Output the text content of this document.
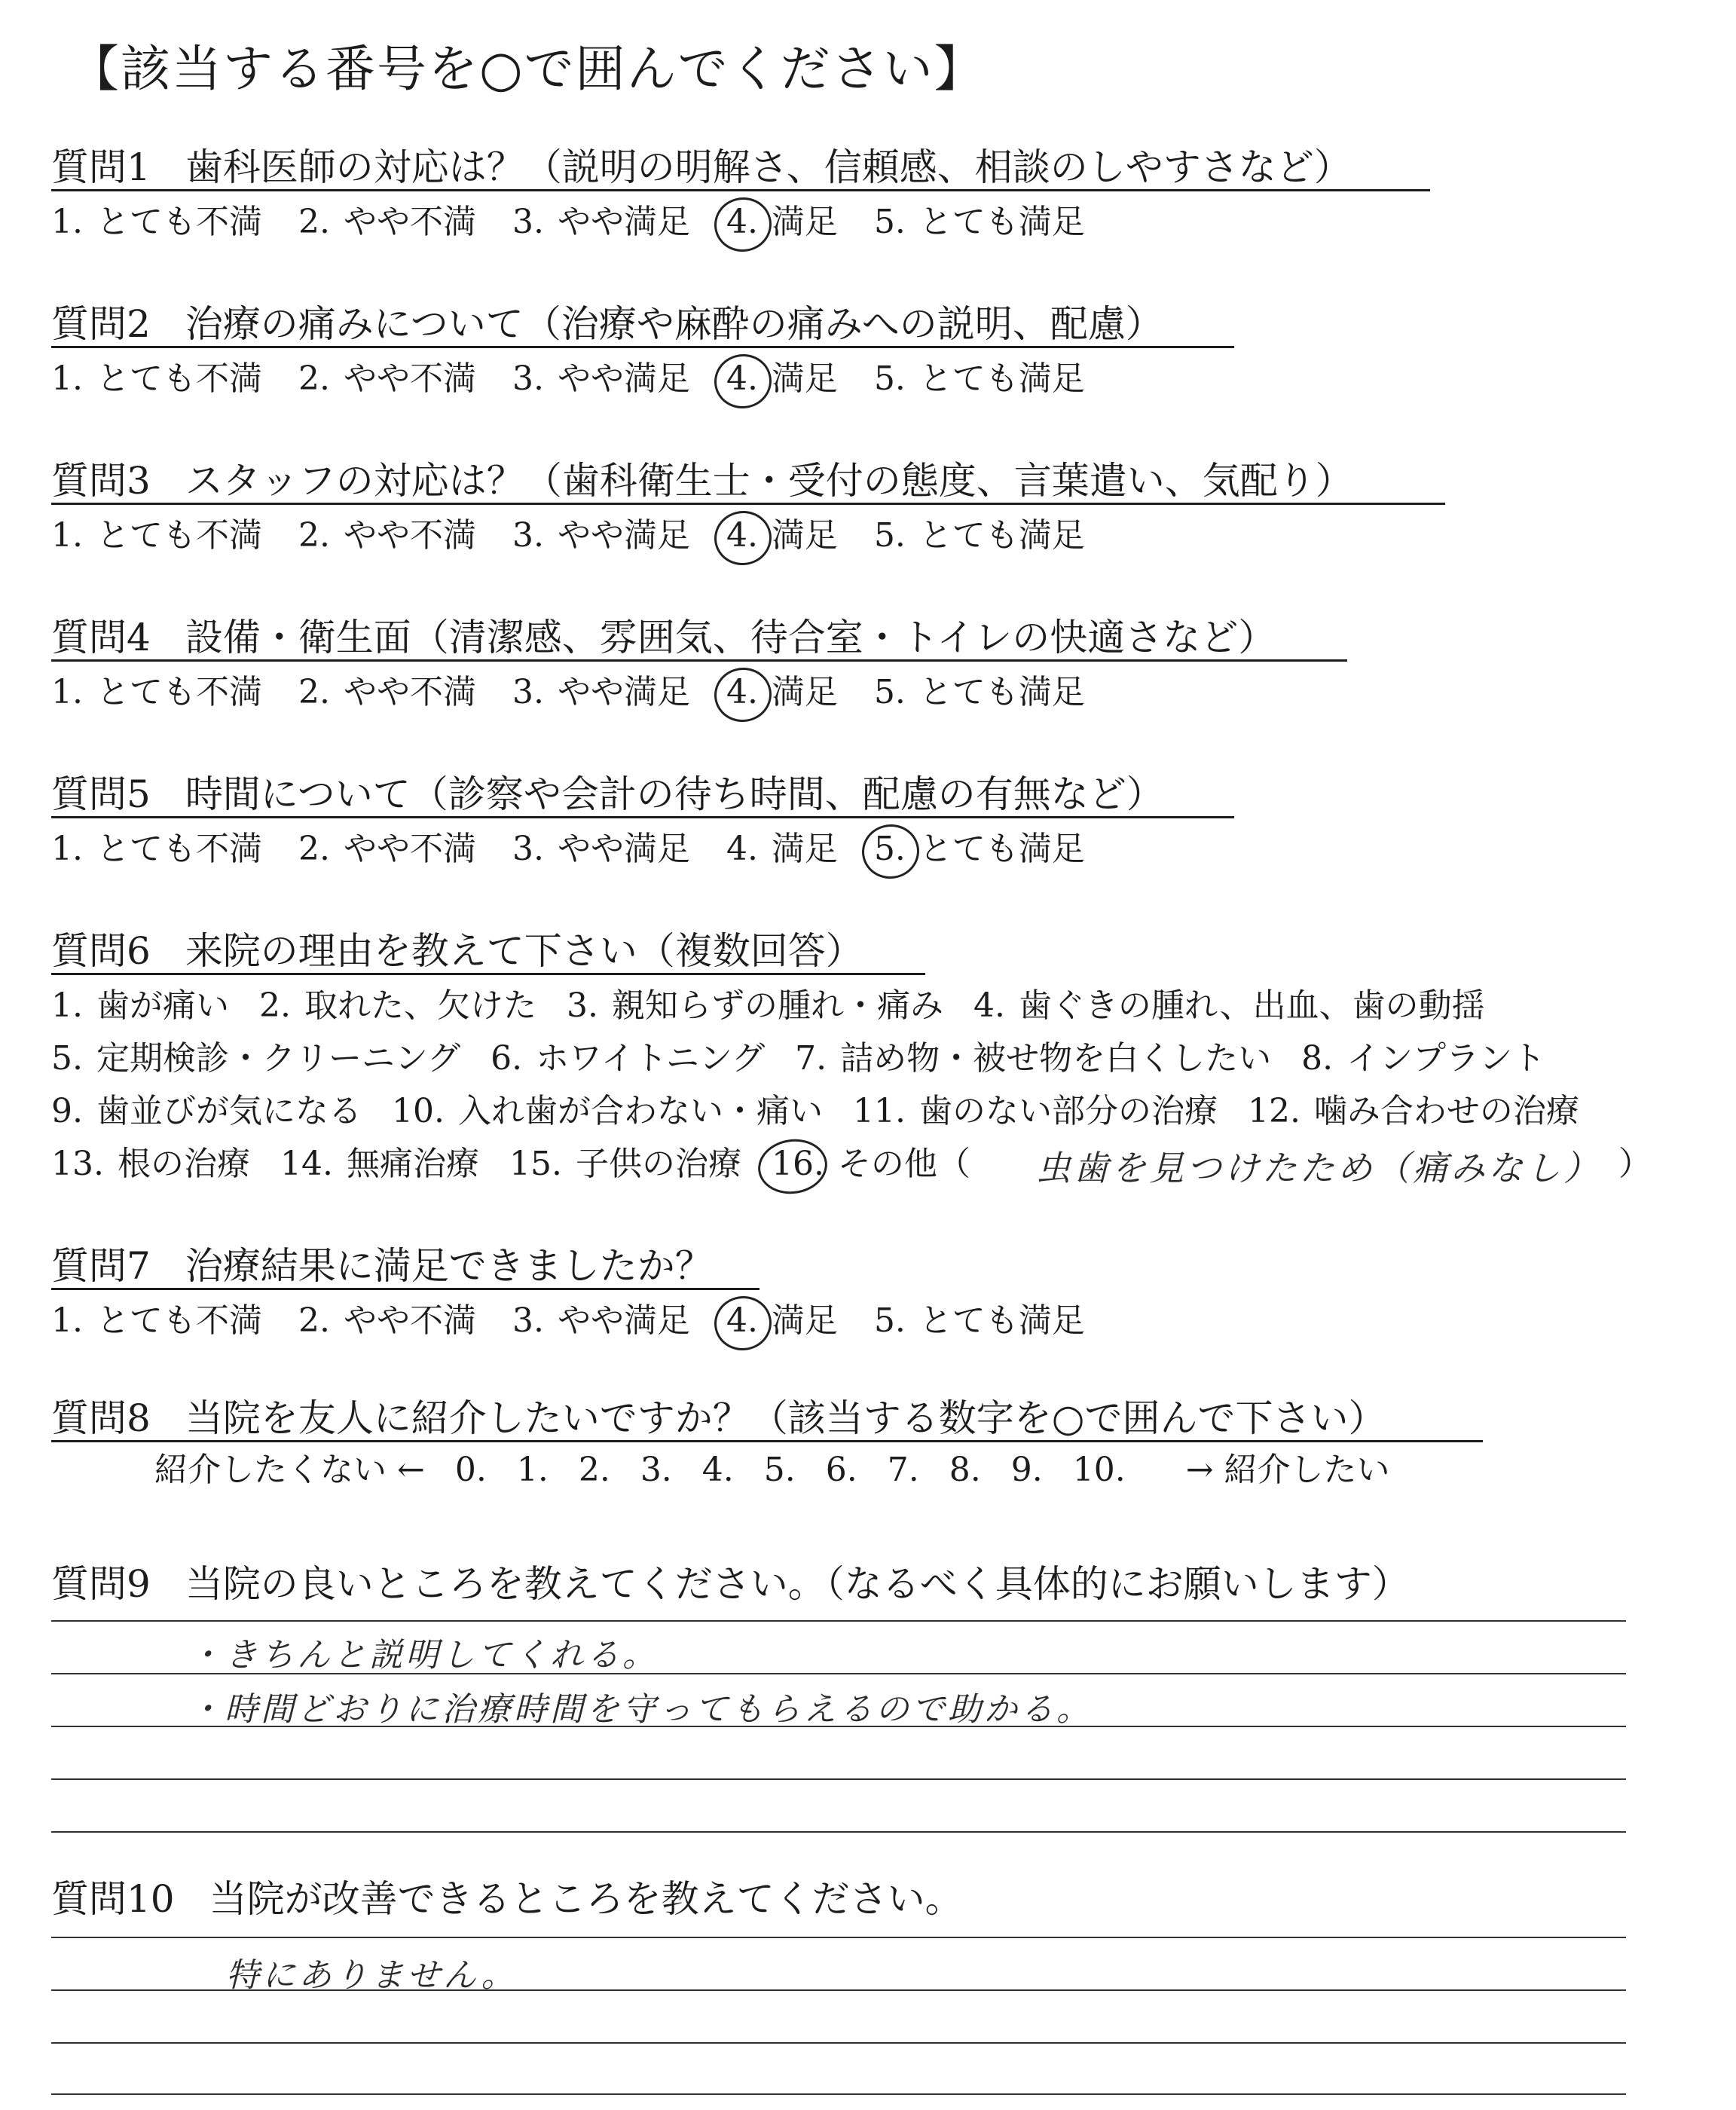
【該当する番号を○で囲んでください】
質問1 歯科医師の対応は？（説明の明解さ、信頼感、相談のしやすさなど）
1. とても不満 2. やや不満 3. やや満足 4. 満足 5. とても満足
質問2 治療の痛みについて（治療や麻酔の痛みへの説明、配慮）
1. とても不満 2. やや不満 3. やや満足 4. 満足 5. とても満足
質問3 スタッフの対応は？（歯科衛生士・受付の態度、言葉遣い、気配り）
1. とても不満 2. やや不満 3. やや満足 4. 満足 5. とても満足
質問4 設備・衛生面（清潔感、雰囲気、待合室・トイレの快適さなど）
1. とても不満 2. やや不満 3. やや満足 4. 満足 5. とても満足
質問5 時間について（診察や会計の待ち時間、配慮の有無など）
1. とても不満 2. やや不満 3. やや満足 4. 満足 5. とても満足
質問6 来院の理由を教えて下さい（複数回答）
1. 歯が痛い 2. 取れた、欠けた 3. 親知らずの腫れ・痛み 4. 歯ぐきの腫れ、出血、歯の動揺
5. 定期検診・クリーニング 6. ホワイトニング 7. 詰め物・被せ物を白くしたい 8. インプラント
9. 歯並びが気になる 10. 入れ歯が合わない・痛い 11. 歯のない部分の治療 12. 噛み合わせの治療
13. 根の治療 14. 無痛治療 15. 子供の治療 16. その他（	虫歯を見つけたため（痛みなし） ）
質問7 治療結果に満足できましたか？
1. とても不満 2. やや不満 3. やや満足 4. 満足 5. とても満足
質問8 当院を友人に紹介したいですか？（該当する数字を○で囲んで下さい）
紹介したくない ← 0. 1. 2. 3. 4. 5. 6. 7. 8. 9. 10. → 紹介したい
質問9 当院の良いところを教えてください。（なるべく具体的にお願いします）
・きちんと説明してくれる。
・時間どおりに治療時間を守ってもらえるので助かる。
質問10 当院が改善できるところを教えてください。
特にありません。
